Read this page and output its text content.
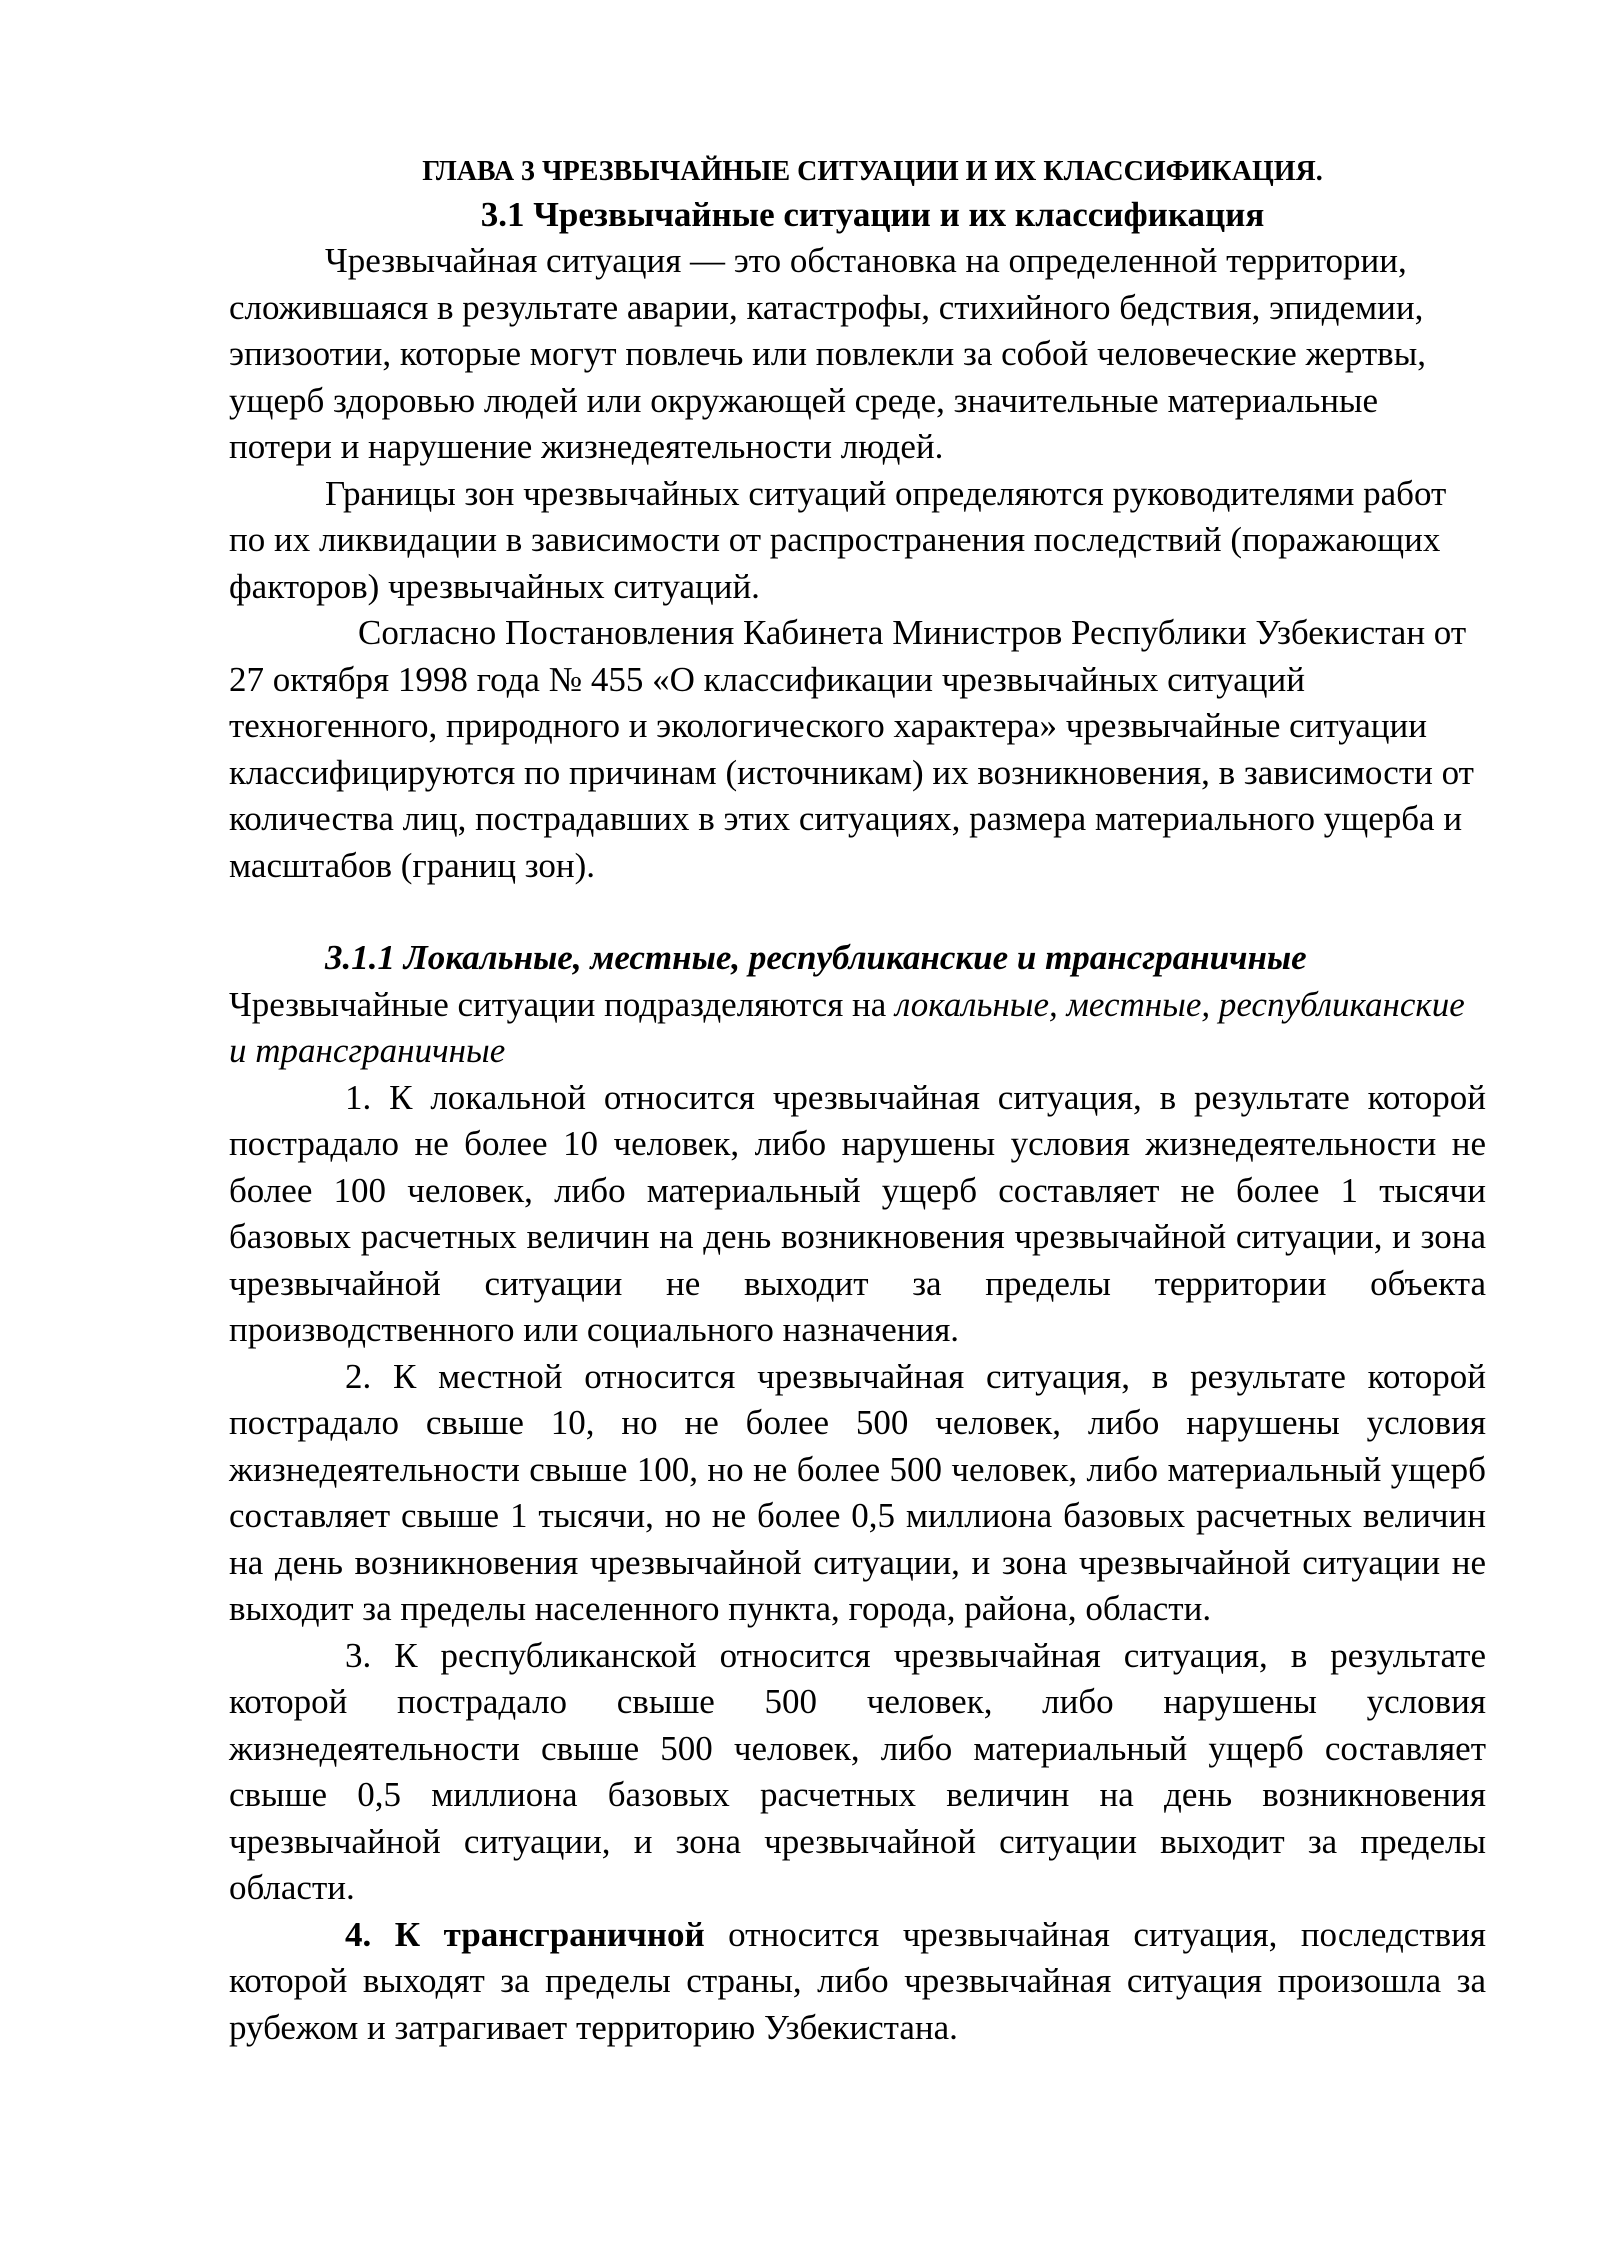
ГЛАВА 3 ЧРЕЗВЫЧАЙНЫЕ СИТУАЦИИ И ИХ КЛАССИФИКАЦИЯ.

3.1 Чрезвычайные ситуации и их классификация

Чрезвычайная ситуация — это обстановка на определенной территории, сложившаяся в результате аварии, катастрофы, стихийного бедствия, эпидемии, эпизоотии, которые могут повлечь или повлекли за собой человеческие жертвы, ущерб здоровью людей или окружающей среде, значительные материальные потери и нарушение жизнедеятельности людей.

Границы зон чрезвычайных ситуаций определяются руководителями работ по их ликвидации в зависимости от распространения последствий (поражающих факторов) чрезвычайных ситуаций.

Согласно Постановления Кабинета Министров Республики Узбекистан от 27 октября 1998 года № 455 «О классификации чрезвычайных ситуаций техногенного, природного и экологического характера» чрезвычайные ситуации классифицируются по причинам (источникам) их возникновения, в зависимости от количества лиц, пострадавших в этих ситуациях, размера материального ущерба и масштабов (границ зон).

3.1.1 Локальные, местные, республиканские и трансграничные

Чрезвычайные ситуации подразделяются на локальные, местные, республиканские и трансграничные

1. К локальной относится чрезвычайная ситуация, в результате которой пострадало не более 10 человек, либо нарушены условия жизнедеятельности не более 100 человек, либо материальный ущерб составляет не более 1 тысячи базовых расчетных величин на день возникновения чрезвычайной ситуации, и зона чрезвычайной ситуации не выходит за пределы территории объекта производственного или социального назначения.

2. К местной относится чрезвычайная ситуация, в результате которой пострадало свыше 10, но не более 500 человек, либо нарушены условия жизнедеятельности свыше 100, но не более 500 человек, либо материальный ущерб составляет свыше 1 тысячи, но не более 0,5 миллиона базовых расчетных величин на день возникновения чрезвычайной ситуации, и зона чрезвычайной ситуации не выходит за пределы населенного пункта, города, района, области.

3. К республиканской относится чрезвычайная ситуация, в результате которой пострадало свыше 500 человек, либо нарушены условия жизнедеятельности свыше 500 человек, либо материальный ущерб составляет свыше 0,5 миллиона базовых расчетных величин на день возникновения чрезвычайной ситуации, и зона чрезвычайной ситуации выходит за пределы области.

4. К трансграничной относится чрезвычайная ситуация, последствия которой выходят за пределы страны, либо чрезвычайная ситуация произошла за рубежом и затрагивает территорию Узбекистана.
